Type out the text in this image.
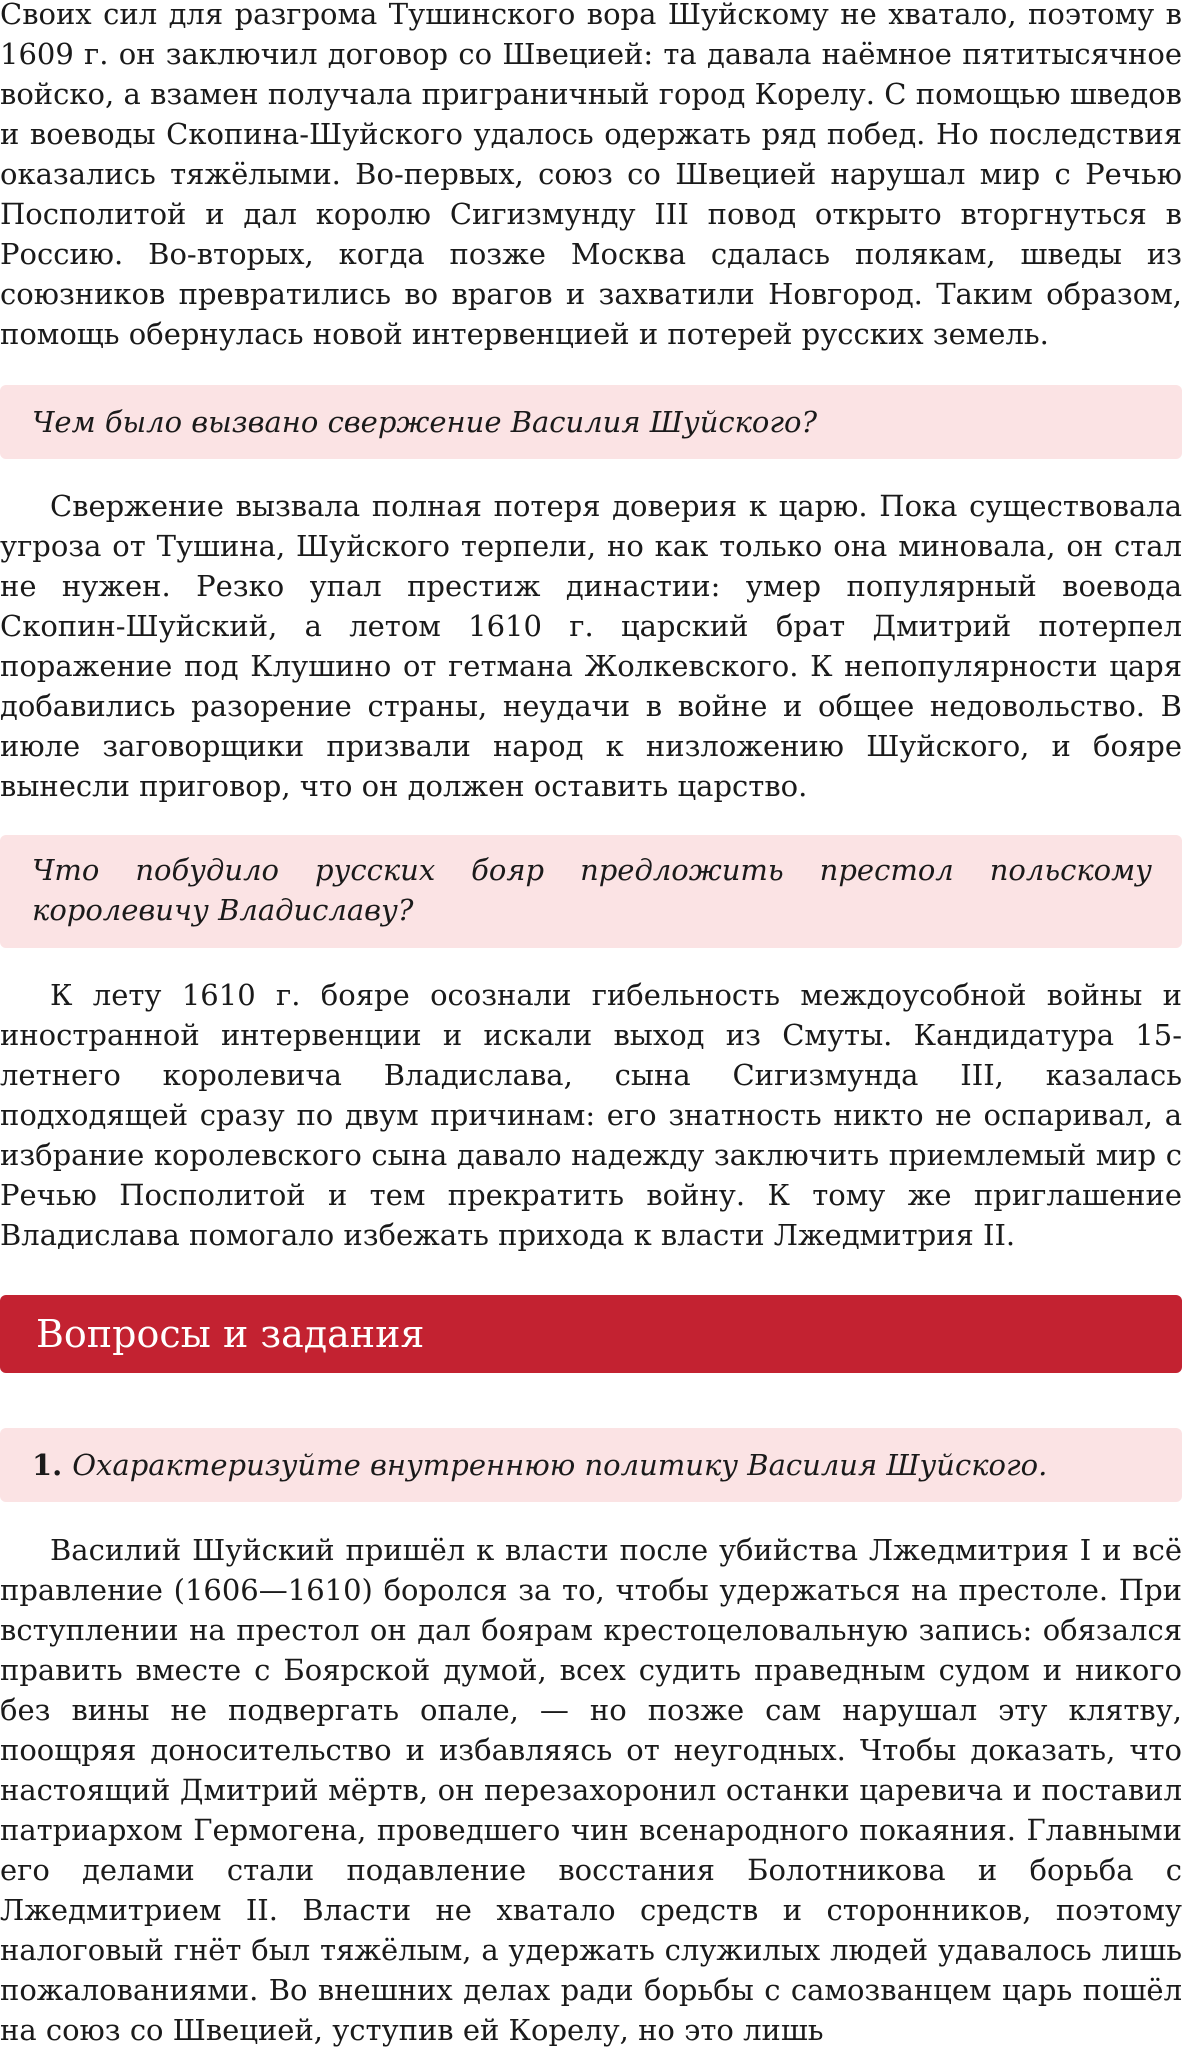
Своих сил для разгрома Тушинского вора Шуйскому не хватало, поэтому в 1609 г. он заключил договор со Швецией: та давала наёмное пятитысячное войско, а взамен получала приграничный город Корелу. С помощью шведов и воеводы Скопина-Шуйского удалось одержать ряд побед. Но последствия оказались тяжёлыми. Во-первых, союз со Швецией нарушал мир с Речью Посполитой и дал королю Сигизмунду III повод открыто вторгнуться в Россию. Во-вторых, когда позже Москва сдалась полякам, шведы из союзников превратились во врагов и захватили Новгород. Таким образом, помощь обернулась новой интервенцией и потерей русских земель.

Чем было вызвано свержение Василия Шуйского?

Свержение вызвала полная потеря доверия к царю. Пока существовала угроза от Тушина, Шуйского терпели, но как только она миновала, он стал не нужен. Резко упал престиж династии: умер популярный воевода Скопин-Шуйский, а летом 1610 г. царский брат Дмитрий потерпел поражение под Клушино от гетмана Жолкевского. К непопулярности царя добавились разорение страны, неудачи в войне и общее недовольство. В июле заговорщики призвали народ к низложению Шуйского, и бояре вынесли приговор, что он должен оставить царство.

Что побудило русских бояр предложить престол польскому королевичу Владиславу?

К лету 1610 г. бояре осознали гибельность междоусобной войны и иностранной интервенции и искали выход из Смуты. Кандидатура 15-летнего королевича Владислава, сына Сигизмунда III, казалась подходящей сразу по двум причинам: его знатность никто не оспаривал, а избрание королевского сына давало надежду заключить приемлемый мир с Речью Посполитой и тем прекратить войну. К тому же приглашение Владислава помогало избежать прихода к власти Лжедмитрия II.

Вопросы и задания

1. Охарактеризуйте внутреннюю политику Василия Шуйского.

Василий Шуйский пришёл к власти после убийства Лжедмитрия I и всё правление (1606—1610) боролся за то, чтобы удержаться на престоле. При вступлении на престол он дал боярам крестоцеловальную запись: обязался править вместе с Боярской думой, всех судить праведным судом и никого без вины не подвергать опале, — но позже сам нарушал эту клятву, поощряя доносительство и избавляясь от неугодных. Чтобы доказать, что настоящий Дмитрий мёртв, он перезахоронил останки царевича и поставил патриархом Гермогена, проведшего чин всенародного покаяния. Главными его делами стали подавление восстания Болотникова и борьба с Лжедмитрием II. Власти не хватало средств и сторонников, поэтому налоговый гнёт был тяжёлым, а удержать служилых людей удавалось лишь пожалованиями. Во внешних делах ради борьбы с самозванцем царь пошёл на союз со Швецией, уступив ей Корелу, но это лишь
